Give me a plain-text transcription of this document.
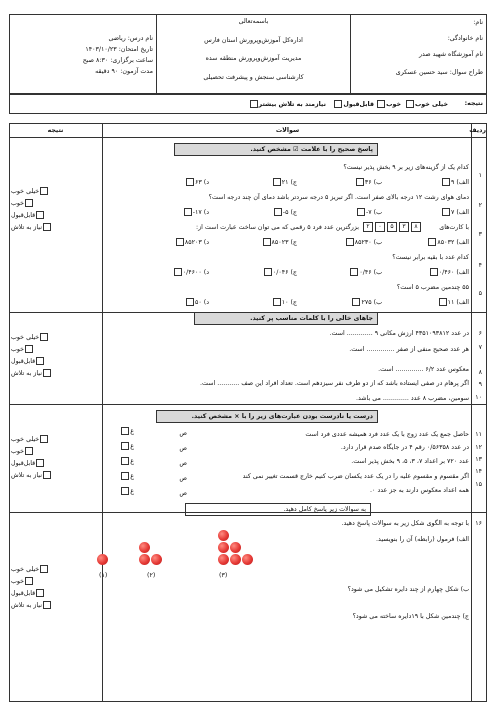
نام:
نام خانوادگی:
نام آموزشگاه شهید صدر
طراح سوال: سید حسین عسکری
باسمه‌تعالی
اداره‌کل آموزش‌وپرورش استان فارس
مدیریت آموزش‌وپرورش منطقه سده
کارشناسی سنجش و پیشرفت تحصیلی
نام درس: ریاضی
تاریخ امتحان: ۱۴۰۳/۱۰/۲۳
ساعت برگزاری: ۸:۳۰ صبح
مدت آزمون: ۹۰ دقیقه
نتیجه:
خیلی خوب
خوب
قابل‌قبول
نیازمند به تلاش بیشتر
ردیف
سوالات
نتیجه
پاسخ صحیح را با علامت ☑ مشخص کنید.
۱
کدام یک از گزینه‌های زیر بر ۹ بخش پذیر نیست؟
الف) ۹
ب) ۳۶
ج) ۲۱
د) ۶۳
۲
دمای هوای رشت ۱۲ درجه بالای صفر است. اگر تبریز ۵ درجه سردتر باشد دمای آن چند درجه است؟
الف) ۷
ب) ۷-
ج) ۵-
د) ۱۷-
۳
با کارت‌های
۲ ۰ ۵ ۳ ۸
بزرگترین عدد فرد ۵ رقمی که می توان ساخت عبارت است از:
الف) ۸۵۰۳۲
ب) ۸۵۲۳۰
ج) ۸۵۰۲۳
د) ۸۵۲۰۳
۴
کدام عدد با بقیه برابر نیست؟
الف) ۰/۴۶۰
ب) ۰/۴۶
ج) ۰/۰۴۶
د) ۰/۴۶۰۰
۵
۵۵ چندمین مضرب ۵ است؟
الف) ۱۱
ب) ۲۷۵
ج) ۱۰
د) ۵۰
جاهای خالی را با کلمات مناسب پر کنید.
۶
در عدد ۴۳۵۱۰۹۳۸۱۲ ارزش مکانی ۹ ............. است.
۷
هر عدد صحیح منفی از صفر .............. است.
۸
معکوس عدد ۶/۲ .............. است.
۹
اگر پرهام در صفی ایستاده باشد که از دو طرف نفر سیزدهم است. تعداد افراد این صف ........... است.
۱۰
سومین، مضرب ۸ عدد ............. می باشد.
درست یا نادرست بودن عبارت‌های زیر را با × مشخص کنید.
۱۱
حاصل جمع یک عدد زوج با یک عدد فرد همیشه عددی فرد است
۱۲
در عدد ۰/۵۶۳۵۸ رقم ۴ در جایگاه صدم قرار دارد.
۱۳
عدد ۷۲۰ بر اعداد ۷، ۳، ۵، ۹ بخش پذیر است.
۱۴
اگر مقسوم و مقسوم علیه را در یک عدد یکسان ضرب کنیم خارج قسمت تغییر نمی کند
۱۵
همه اعداد معکوس دارند به جز عدد ۰.
ص
غ
ص
غ
ص
غ
ص
غ
ص
غ
به سوالات زیر پاسخ کامل دهید.
۱۶
با توجه به الگوی شکل زیر به سوالات پاسخ دهید.
الف) فرمول (رابطه) آن را بنویسید.
ب) شکل چهارم از چند دایره تشکیل می شود؟
ج) چندمین شکل با ۱۹دایره ساخته می شود؟
(۱)	(۲)	(۳)
خیلی خوب
خوب
قابل‌قبول
نیاز به تلاش
خیلی خوب
خوب
قابل‌قبول
نیاز به تلاش
خیلی خوب
خوب
قابل‌قبول
نیاز به تلاش
خیلی خوب
خوب
قابل‌قبول
نیاز به تلاش
